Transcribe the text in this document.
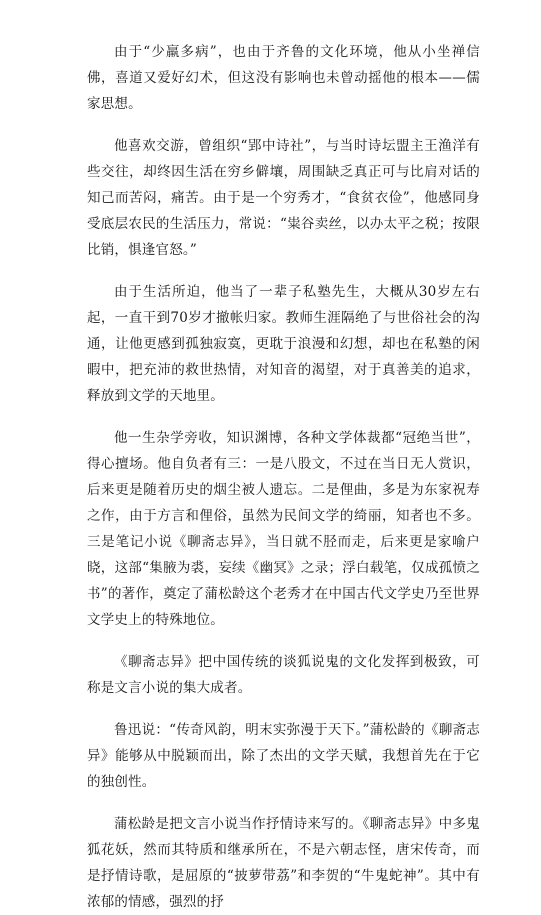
由于“少羸多病”，也由于齐鲁的文化环境，他从小坐禅信佛，喜道又爱好幻术，但这没有影响也未曾动摇他的根本——儒家思想。

他喜欢交游，曾组织“郢中诗社”，与当时诗坛盟主王渔洋有些交往，却终因生活在穷乡僻壤，周围缺乏真正可与比肩对话的知己而苦闷，痛苦。由于是一个穷秀才，“食贫衣俭”，他感同身受底层农民的生活压力，常说：“粜谷卖丝，以办太平之税；按限比销，惧逢官怒。”

由于生活所迫，他当了一辈子私塾先生，大概从30岁左右起，一直干到70岁才撤帐归家。教师生涯隔绝了与世俗社会的沟通，让他更感到孤独寂寞，更耽于浪漫和幻想，却也在私塾的闲暇中，把充沛的救世热情，对知音的渴望，对于真善美的追求，释放到文学的天地里。

他一生杂学旁收，知识渊博，各种文学体裁都“冠绝当世”，得心擅场。他自负者有三：一是八股文，不过在当日无人赏识，后来更是随着历史的烟尘被人遗忘。二是俚曲，多是为东家祝寿之作，由于方言和俚俗，虽然为民间文学的绮丽，知者也不多。三是笔记小说《聊斋志异》，当日就不胫而走，后来更是家喻户晓，这部“集腋为裘，妄续《幽冥》之录；浮白载笔，仅成孤愤之书”的著作，奠定了蒲松龄这个老秀才在中国古代文学史乃至世界文学史上的特殊地位。

《聊斋志异》把中国传统的谈狐说鬼的文化发挥到极致，可称是文言小说的集大成者。

鲁迅说：“传奇风韵，明末实弥漫于天下。”蒲松龄的《聊斋志异》能够从中脱颖而出，除了杰出的文学天赋，我想首先在于它的独创性。

蒲松龄是把文言小说当作抒情诗来写的。《聊斋志异》中多鬼狐花妖，然而其特质和继承所在，不是六朝志怪，唐宋传奇，而是抒情诗歌，是屈原的“披萝带荔”和李贺的“牛鬼蛇神”。其中有浓郁的情感，强烈的抒
